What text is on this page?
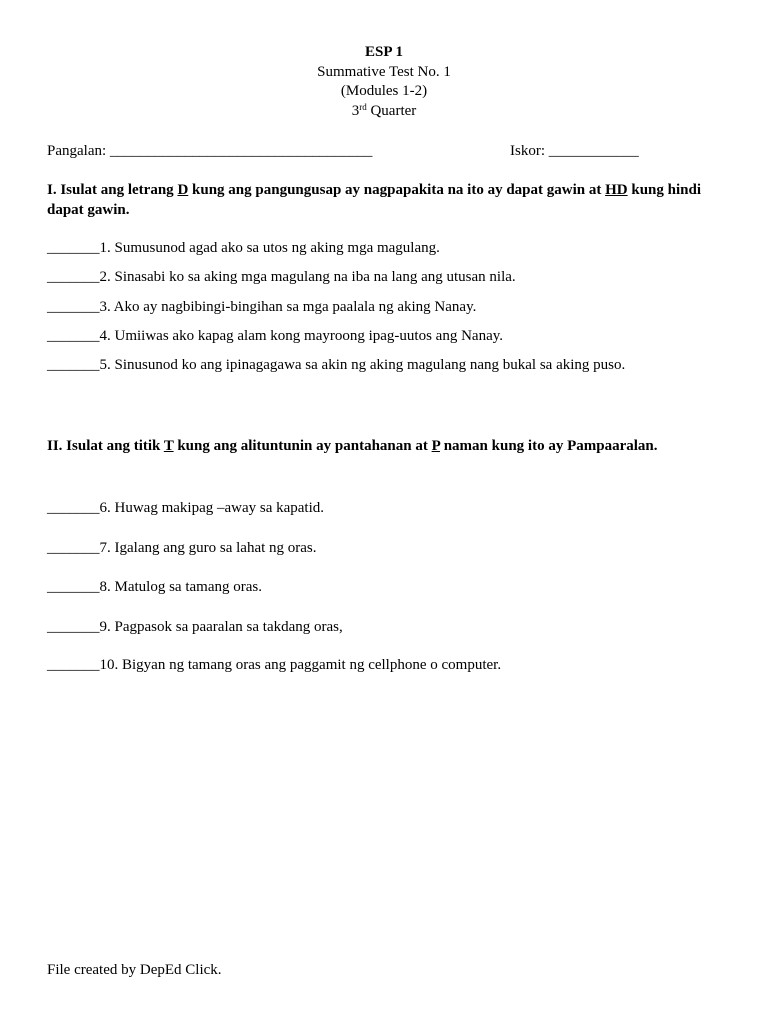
ESP 1
Summative Test No. 1
(Modules 1-2)
3rd Quarter
Pangalan: ___________________________________	Iskor: ____________
I. Isulat ang letrang D kung ang pangungusap ay nagpapakita na ito ay dapat gawin at HD kung hindi dapat gawin.
_______1. Sumusunod agad ako sa utos ng aking mga magulang.
_______2. Sinasabi ko sa aking mga magulang na iba na lang ang utusan nila.
_______3. Ako ay nagbibingi-bingihan sa mga paalala ng aking Nanay.
_______4. Umiiwas ako kapag alam kong mayroong ipag-uutos ang Nanay.
_______5. Sinusunod ko ang ipinagagawa sa akin ng aking magulang nang bukal sa aking puso.
II. Isulat ang titik T kung ang alituntunin ay pantahanan at P naman kung ito ay Pampaaralan.
_______6. Huwag makipag –away sa kapatid.
_______7. Igalang ang guro sa lahat ng oras.
_______8. Matulog sa tamang oras.
_______9. Pagpasok sa paaralan sa takdang oras,
_______10. Bigyan ng tamang oras ang paggamit ng cellphone o computer.
File created by DepEd Click.
